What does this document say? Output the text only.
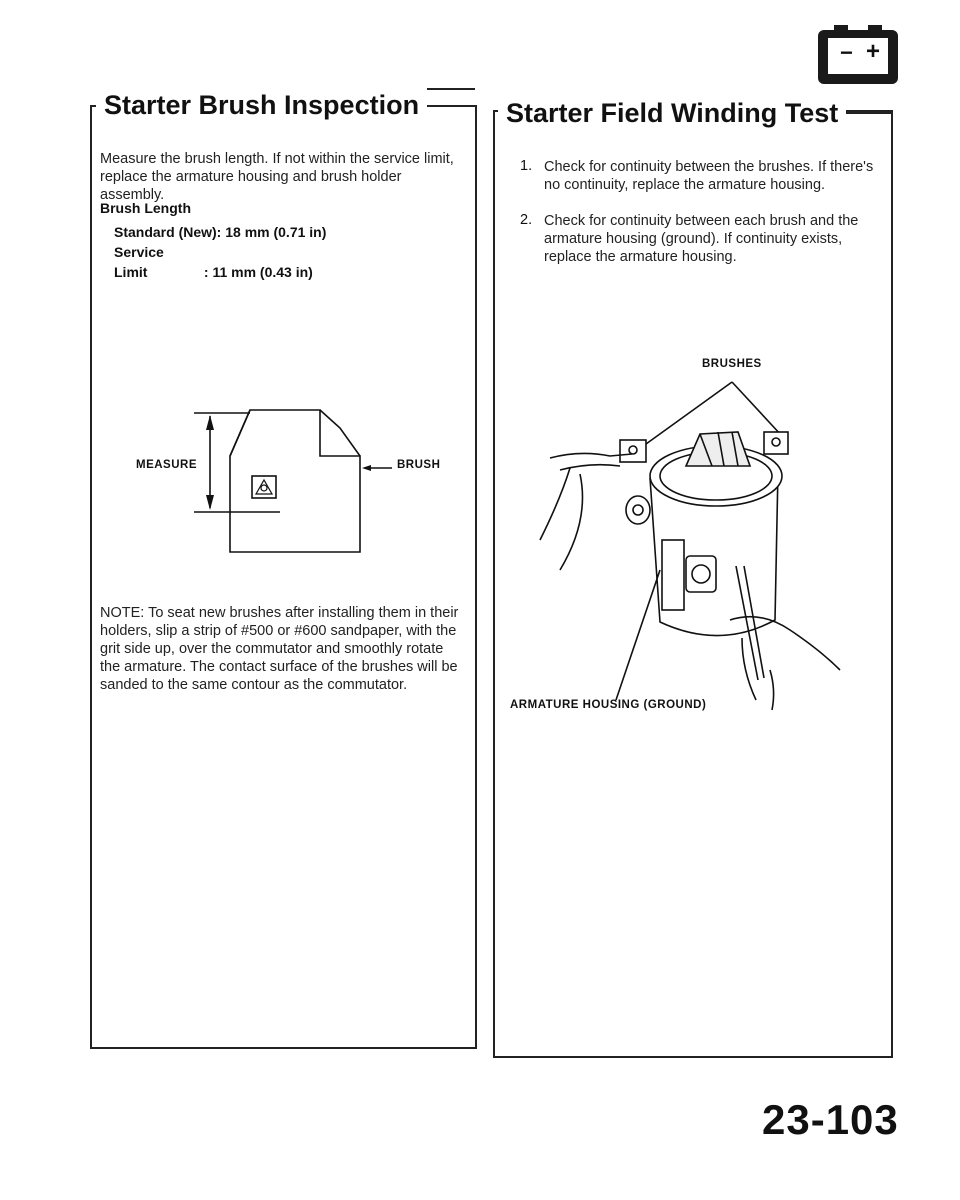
− +
Starter Brush Inspection
Measure the brush length. If not within the service limit, replace the armature housing and brush holder assembly.
Brush Length
Standard (New): 18 mm (0.71 in)
Service Limit	: 11 mm (0.43 in)
MEASURE	BRUSH
NOTE: To seat new brushes after installing them in their holders, slip a strip of #500 or #600 sandpaper, with the grit side up, over the commutator and smoothly rotate the armature. The contact surface of the brushes will be sanded to the same contour as the commutator.
Starter Field Winding Test
1. Check for continuity between the brushes. If there's no continuity, replace the armature housing.
2. Check for continuity between each brush and the armature housing (ground). If continuity exists, replace the armature housing.
BRUSHES
ARMATURE HOUSING (GROUND)
23-103
